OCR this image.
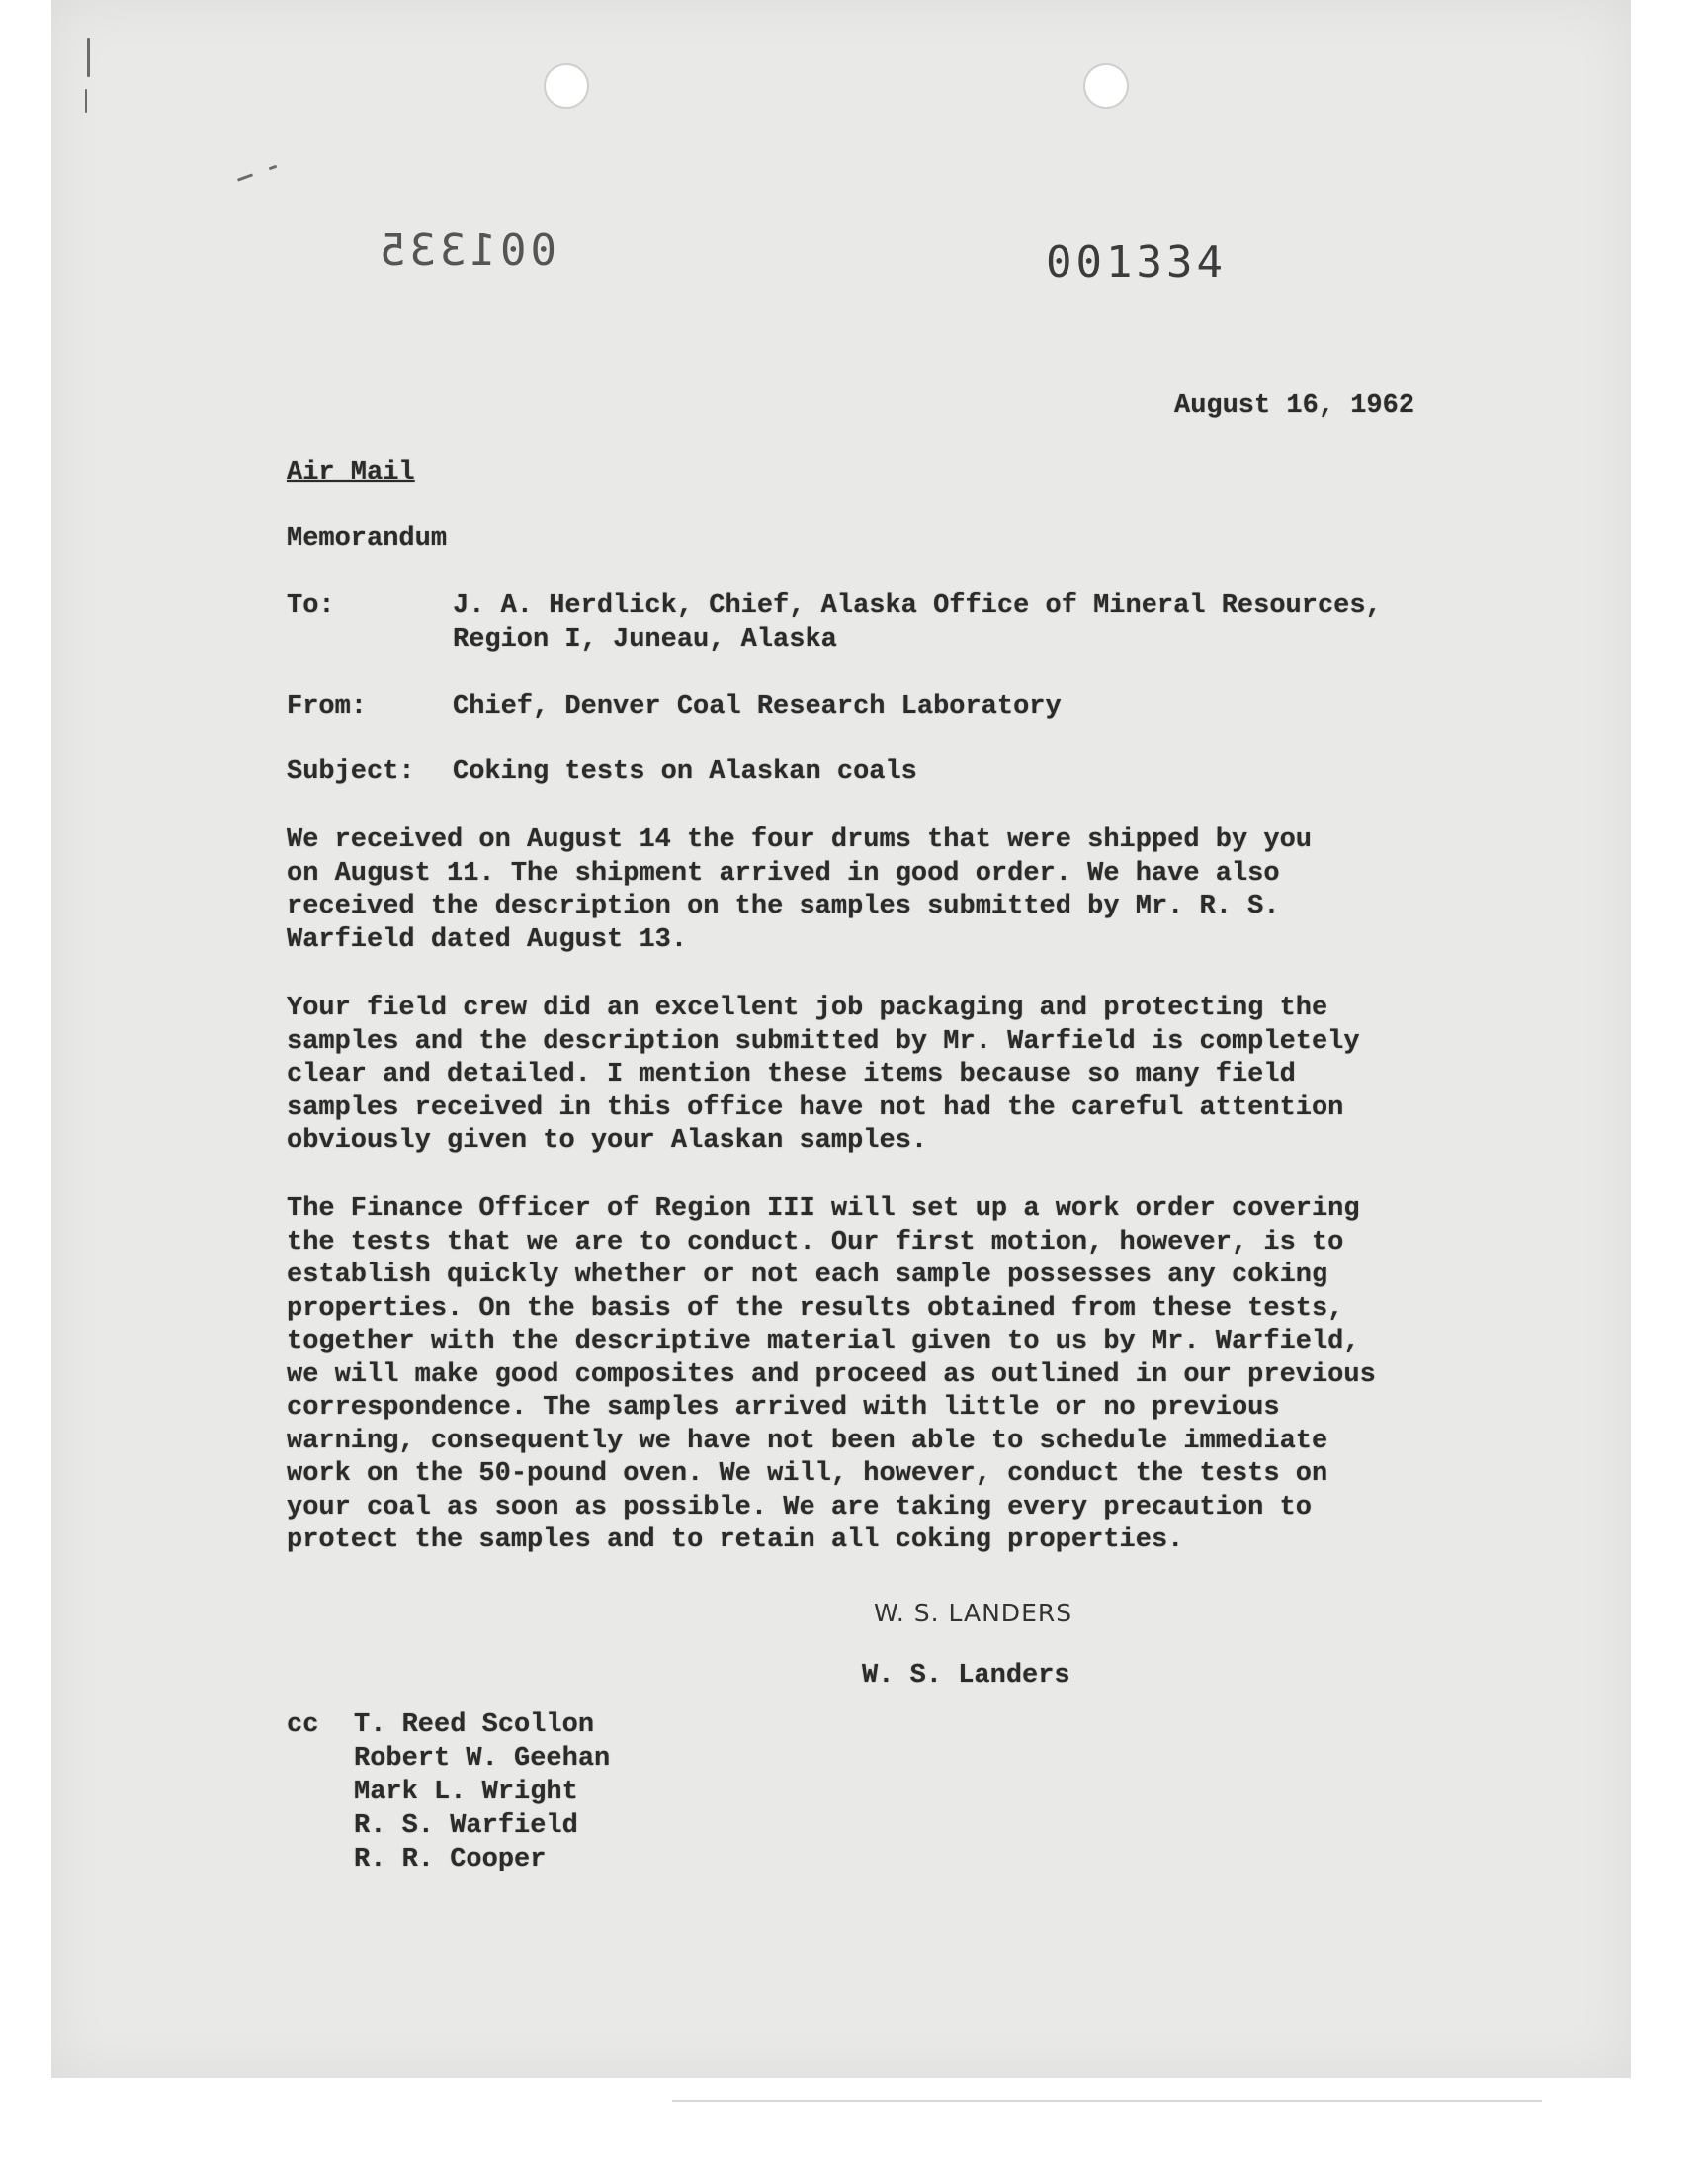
001335	001334
August 16, 1962
Air Mail
Memorandum
To:	J. A. Herdlick, Chief, Alaska Office of Mineral Resources,
Region I, Juneau, Alaska
From:	Chief, Denver Coal Research Laboratory
Subject: Coking tests on Alaskan coals
We received on August 14 the four drums that were shipped by you
on August 11. The shipment arrived in good order. We have also
received the description on the samples submitted by Mr. R. S.
Warfield dated August 13.
Your field crew did an excellent job packaging and protecting the
samples and the description submitted by Mr. Warfield is completely
clear and detailed. I mention these items because so many field
samples received in this office have not had the careful attention
obviously given to your Alaskan samples.
The Finance Officer of Region III will set up a work order covering
the tests that we are to conduct. Our first motion, however, is to
establish quickly whether or not each sample possesses any coking
properties. On the basis of the results obtained from these tests,
together with the descriptive material given to us by Mr. Warfield,
we will make good composites and proceed as outlined in our previous
correspondence. The samples arrived with little or no previous
warning, consequently we have not been able to schedule immediate
work on the 50-pound oven. We will, however, conduct the tests on
your coal as soon as possible. We are taking every precaution to
protect the samples and to retain all coking properties.
W. S. LANDERS
W. S. Landers
cc T. Reed Scollon
Robert W. Geehan
Mark L. Wright
R. S. Warfield
R. R. Cooper
